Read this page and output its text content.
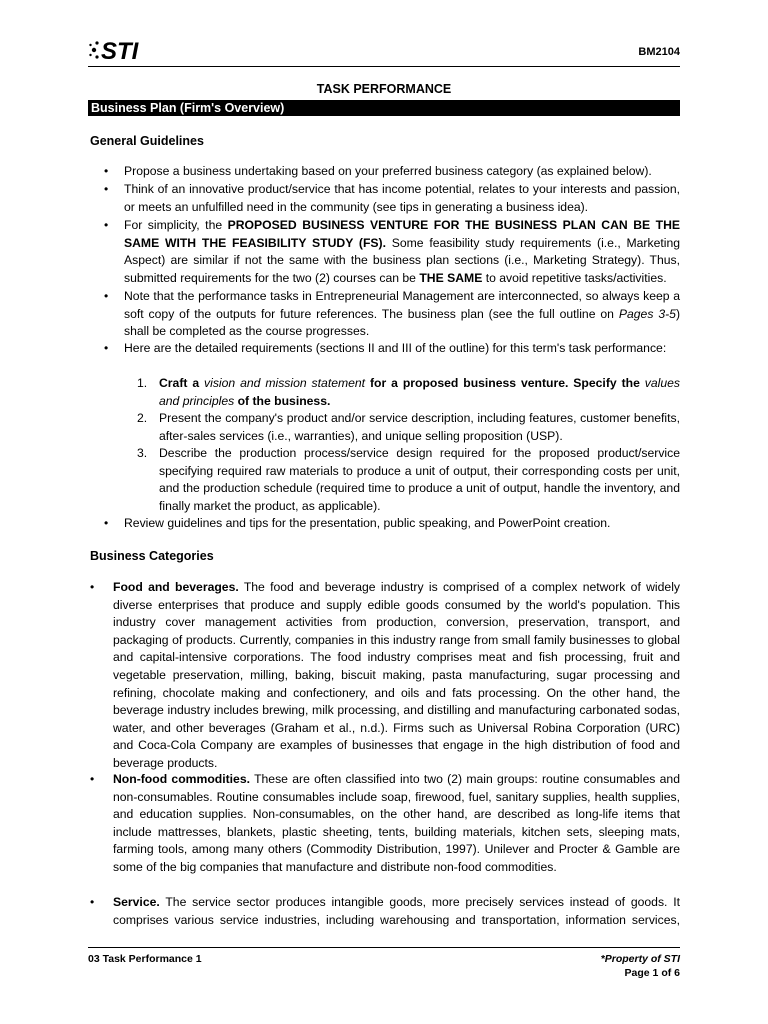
STI	BM2104
TASK PERFORMANCE
Business Plan (Firm's Overview)
General Guidelines
• Propose a business undertaking based on your preferred business category (as explained below).
• Think of an innovative product/service that has income potential, relates to your interests and passion, or meets an unfulfilled need in the community (see tips in generating a business idea).
• For simplicity, the PROPOSED BUSINESS VENTURE FOR THE BUSINESS PLAN CAN BE THE SAME WITH THE FEASIBILITY STUDY (FS). Some feasibility study requirements (i.e., Marketing Aspect) are similar if not the same with the business plan sections (i.e., Marketing Strategy). Thus, submitted requirements for the two (2) courses can be THE SAME to avoid repetitive tasks/activities.
• Note that the performance tasks in Entrepreneurial Management are interconnected, so always keep a soft copy of the outputs for future references. The business plan (see the full outline on Pages 3-5) shall be completed as the course progresses.
• Here are the detailed requirements (sections II and III of the outline) for this term's task performance:
1. Craft a vision and mission statement for a proposed business venture. Specify the values and principles of the business.
2. Present the company's product and/or service description, including features, customer benefits, after-sales services (i.e., warranties), and unique selling proposition (USP).
3. Describe the production process/service design required for the proposed product/service specifying required raw materials to produce a unit of output, their corresponding costs per unit, and the production schedule (required time to produce a unit of output, handle the inventory, and finally market the product, as applicable).
• Review guidelines and tips for the presentation, public speaking, and PowerPoint creation.
Business Categories
• Food and beverages. The food and beverage industry is comprised of a complex network of widely diverse enterprises that produce and supply edible goods consumed by the world's population. This industry cover management activities from production, conversion, preservation, transport, and packaging of products. Currently, companies in this industry range from small family businesses to global and capital-intensive corporations. The food industry comprises meat and fish processing, fruit and vegetable preservation, milling, baking, biscuit making, pasta manufacturing, sugar processing and refining, chocolate making and confectionery, and oils and fats processing. On the other hand, the beverage industry includes brewing, milk processing, and distilling and manufacturing carbonated sodas, water, and other beverages (Graham et al., n.d.). Firms such as Universal Robina Corporation (URC) and Coca-Cola Company are examples of businesses that engage in the high distribution of food and beverage products.
• Non-food commodities. These are often classified into two (2) main groups: routine consumables and non-consumables. Routine consumables include soap, firewood, fuel, sanitary supplies, health supplies, and education supplies. Non-consumables, on the other hand, are described as long-life items that include mattresses, blankets, plastic sheeting, tents, building materials, kitchen sets, sleeping mats, farming tools, among many others (Commodity Distribution, 1997). Unilever and Procter & Gamble are some of the big companies that manufacture and distribute non-food commodities.
• Service. The service sector produces intangible goods, more precisely services instead of goods. It comprises various service industries, including warehousing and transportation, information services,
03 Task Performance 1	*Property of STI
Page 1 of 6
